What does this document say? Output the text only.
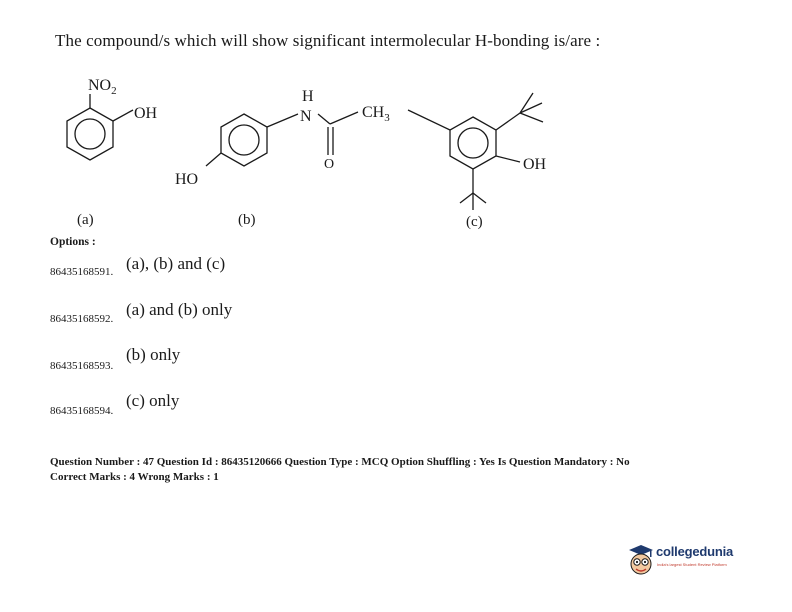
The compound/s which will show significant intermolecular H-bonding is/are :
$NO_2$
OH
(a)
HO
H
N	$CH_3$
O
(b)
OH
(c)
Options :
86435168591. (a), (b) and (c)
86435168592. (a) and (b) only
86435168593.
(b) only
86435168594.
(c) only
Question Number : 47 Question Id : 86435120666 Question Type : MCQ Option Shuffling : Yes Is Question Mandatory : No
Correct Marks : 4 Wrong Marks : 1
collegedunia
India's largest Student Review Platform
